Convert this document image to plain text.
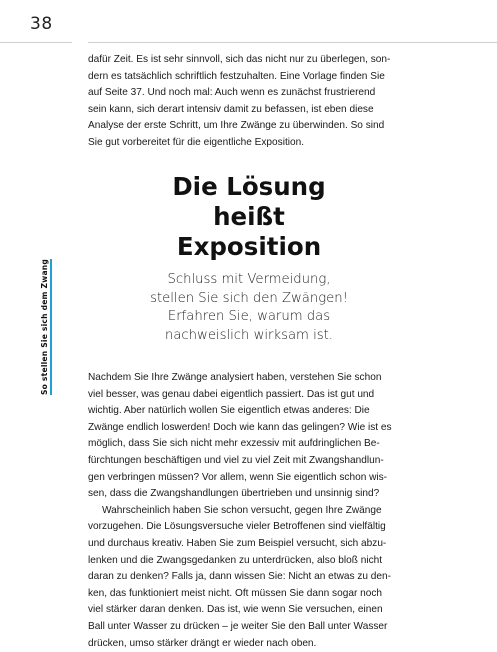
38
So stellen Sie sich dem Zwang

dafür Zeit. Es ist sehr sinnvoll, sich das nicht nur zu überlegen, son-
dern es tatsächlich schriftlich festzuhalten. Eine Vorlage finden Sie
auf Seite 37. Und noch mal: Auch wenn es zunächst frustrierend
sein kann, sich derart intensiv damit zu befassen, ist eben diese
Analyse der erste Schritt, um Ihre Zwänge zu überwinden. So sind
Sie gut vorbereitet für die eigentliche Exposition.

Die Lösung
heißt
Exposition

Schluss mit Vermeidung,
stellen Sie sich den Zwängen!
Erfahren Sie, warum das
nachweislich wirksam ist.

Nachdem Sie Ihre Zwänge analysiert haben, verstehen Sie schon
viel besser, was genau dabei eigentlich passiert. Das ist gut und
wichtig. Aber natürlich wollen Sie eigentlich etwas anderes: Die
Zwänge endlich loswerden! Doch wie kann das gelingen? Wie ist es
möglich, dass Sie sich nicht mehr exzessiv mit aufdringlichen Be-
fürchtungen beschäftigen und viel zu viel Zeit mit Zwangshandlun-
gen verbringen müssen? Vor allem, wenn Sie eigentlich schon wis-
sen, dass die Zwangshandlungen übertrieben und unsinnig sind?
Wahrscheinlich haben Sie schon versucht, gegen Ihre Zwänge
vorzugehen. Die Lösungsversuche vieler Betroffenen sind vielfältig
und durchaus kreativ. Haben Sie zum Beispiel versucht, sich abzu-
lenken und die Zwangsgedanken zu unterdrücken, also bloß nicht
daran zu denken? Falls ja, dann wissen Sie: Nicht an etwas zu den-
ken, das funktioniert meist nicht. Oft müssen Sie dann sogar noch
viel stärker daran denken. Das ist, wie wenn Sie versuchen, einen
Ball unter Wasser zu drücken – je weiter Sie den Ball unter Wasser
drücken, umso stärker drängt er wieder nach oben.
